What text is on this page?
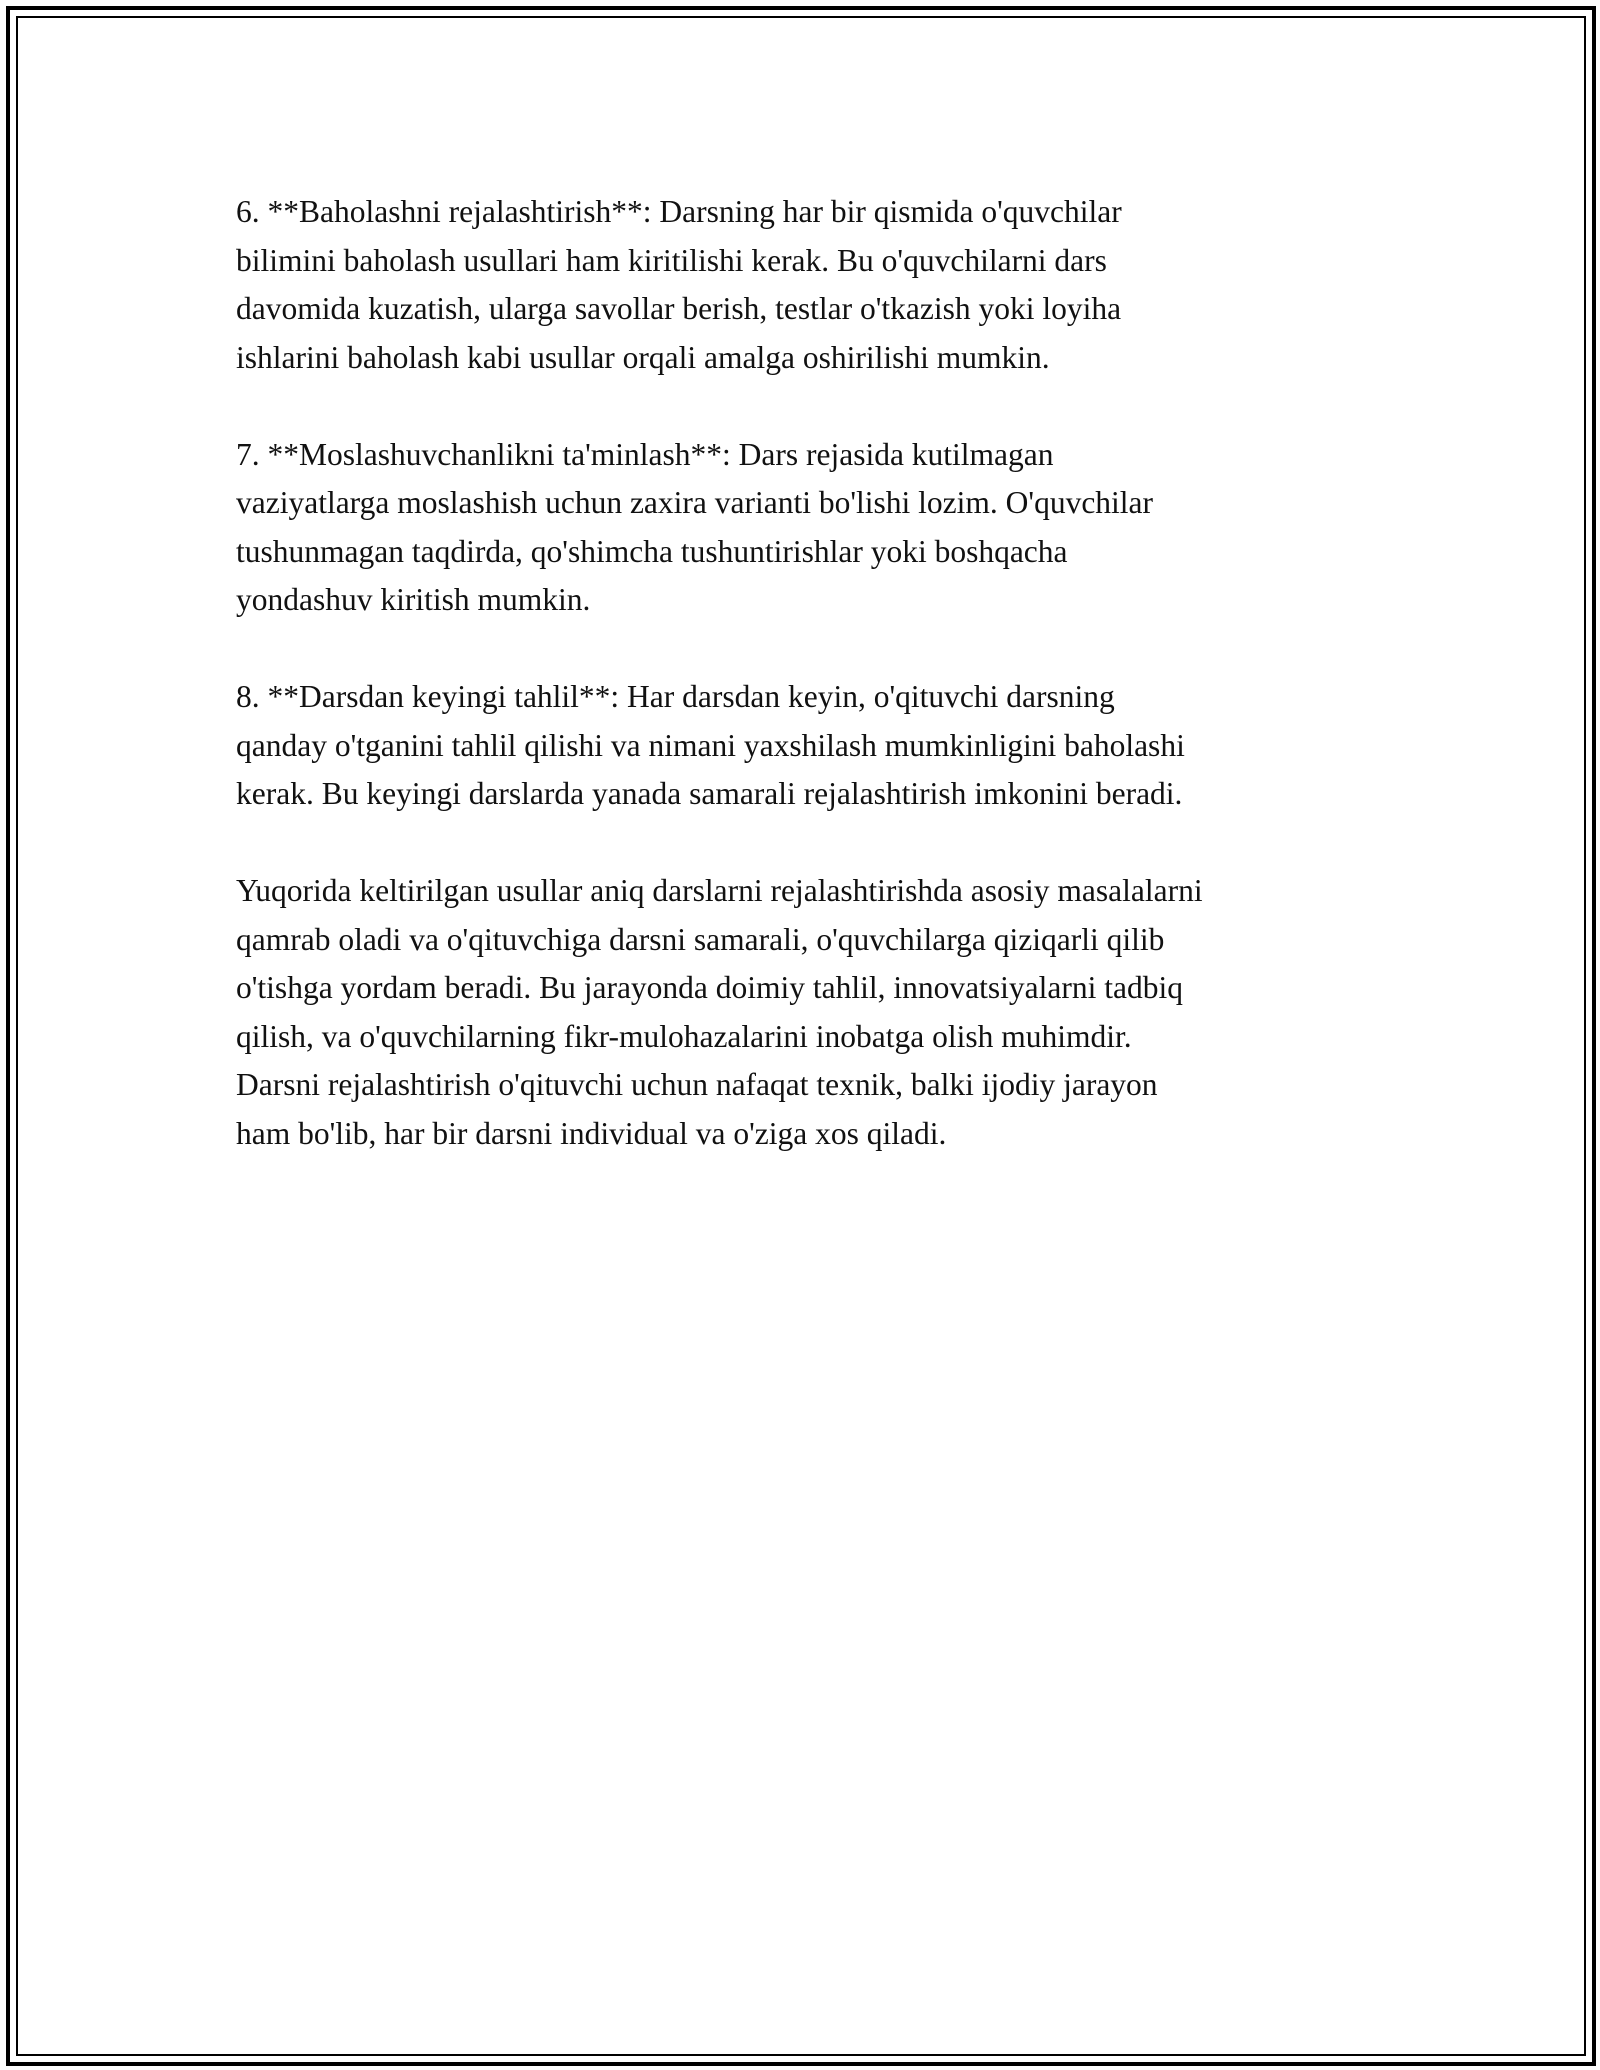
6. **Baholashni rejalashtirish**: Darsning har bir qismida o'quvchilar
bilimini baholash usullari ham kiritilishi kerak. Bu o'quvchilarni dars
davomida kuzatish, ularga savollar berish, testlar o'tkazish yoki loyiha
ishlarini baholash kabi usullar orqali amalga oshirilishi mumkin.

7. **Moslashuvchanlikni ta'minlash**: Dars rejasida kutilmagan
vaziyatlarga moslashish uchun zaxira varianti bo'lishi lozim. O'quvchilar
tushunmagan taqdirda, qo'shimcha tushuntirishlar yoki boshqacha
yondashuv kiritish mumkin.

8. **Darsdan keyingi tahlil**: Har darsdan keyin, o'qituvchi darsning
qanday o'tganini tahlil qilishi va nimani yaxshilash mumkinligini baholashi
kerak. Bu keyingi darslarda yanada samarali rejalashtirish imkonini beradi.

Yuqorida keltirilgan usullar aniq darslarni rejalashtirishda asosiy masalalarni
qamrab oladi va o'qituvchiga darsni samarali, o'quvchilarga qiziqarli qilib
o'tishga yordam beradi. Bu jarayonda doimiy tahlil, innovatsiyalarni tadbiq
qilish, va o'quvchilarning fikr-mulohazalarini inobatga olish muhimdir.
Darsni rejalashtirish o'qituvchi uchun nafaqat texnik, balki ijodiy jarayon
ham bo'lib, har bir darsni individual va o'ziga xos qiladi.
